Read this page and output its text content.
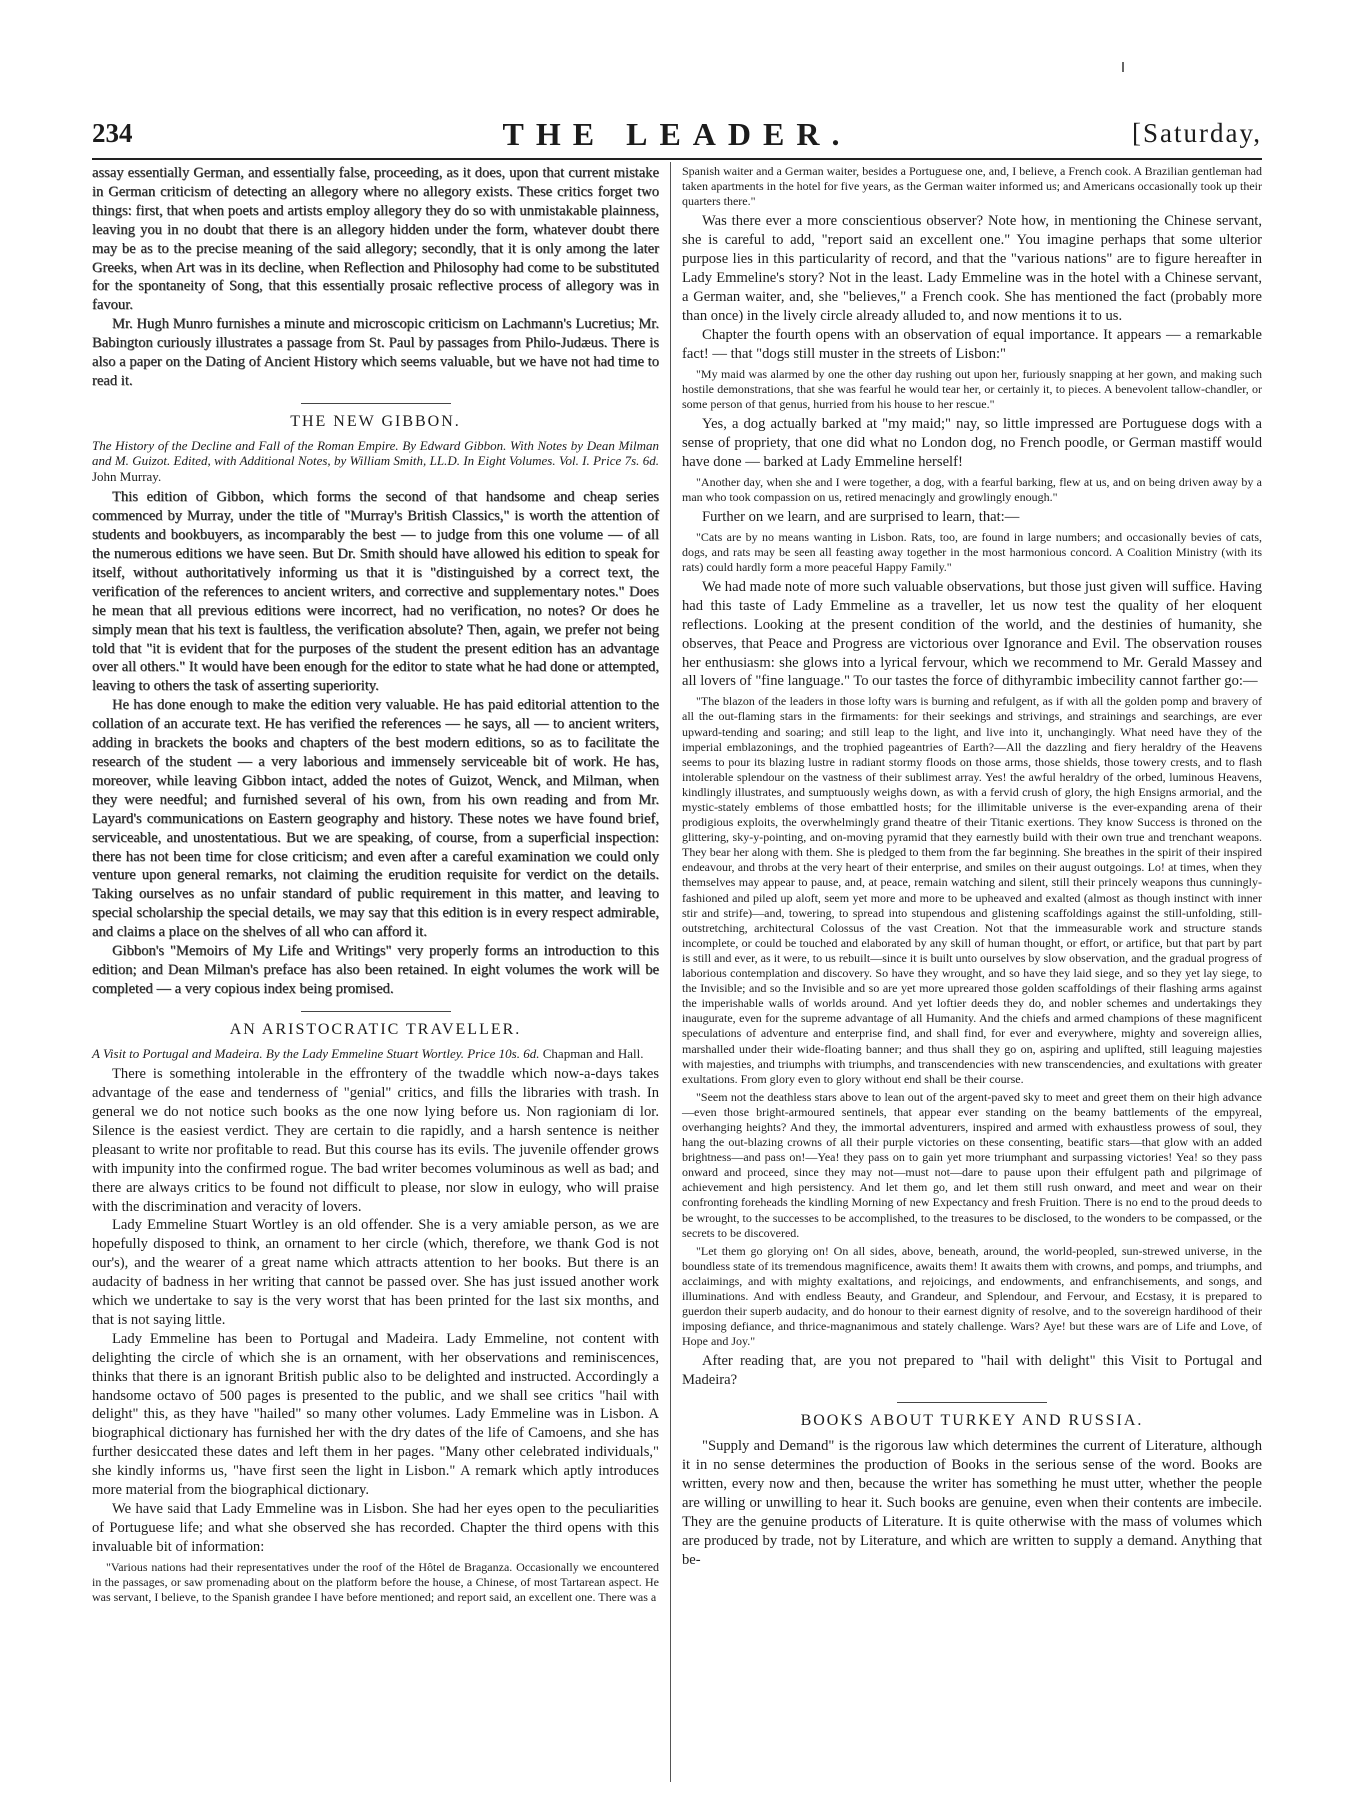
234	THE LEADER.	[Saturday,

assay essentially German, and essentially false, proceeding, as it does, upon that current mistake in German criticism of detecting an allegory where no allegory exists. These critics forget two things: first, that when poets and artists employ allegory they do so with unmistakable plainness, leaving you in no doubt that there is an allegory hidden under the form, whatever doubt there may be as to the precise meaning of the said allegory; secondly, that it is only among the later Greeks, when Art was in its decline, when Reflection and Philosophy had come to be substituted for the spontaneity of Song, that this essentially prosaic reflective process of allegory was in favour.

Mr. Hugh Munro furnishes a minute and microscopic criticism on Lachmann's Lucretius; Mr. Babington curiously illustrates a passage from St. Paul by passages from Philo-Judæus. There is also a paper on the Dating of Ancient History which seems valuable, but we have not had time to read it.

THE NEW GIBBON.

The History of the Decline and Fall of the Roman Empire. By Edward Gibbon. With Notes by Dean Milman and M. Guizot. Edited, with Additional Notes, by William Smith, LL.D. In Eight Volumes. Vol. I. Price 7s. 6d. John Murray.

This edition of Gibbon, which forms the second of that handsome and cheap series commenced by Murray, under the title of "Murray's British Classics," is worth the attention of students and bookbuyers, as incomparably the best — to judge from this one volume — of all the numerous editions we have seen. But Dr. Smith should have allowed his edition to speak for itself, without authoritatively informing us that it is "distinguished by a correct text, the verification of the references to ancient writers, and corrective and supplementary notes." Does he mean that all previous editions were incorrect, had no verification, no notes? Or does he simply mean that his text is faultless, the verification absolute? Then, again, we prefer not being told that "it is evident that for the purposes of the student the present edition has an advantage over all others." It would have been enough for the editor to state what he had done or attempted, leaving to others the task of asserting superiority.

He has done enough to make the edition very valuable. He has paid editorial attention to the collation of an accurate text. He has verified the references — he says, all — to ancient writers, adding in brackets the books and chapters of the best modern editions, so as to facilitate the research of the student — a very laborious and immensely serviceable bit of work. He has, moreover, while leaving Gibbon intact, added the notes of Guizot, Wenck, and Milman, when they were needful; and furnished several of his own, from his own reading and from Mr. Layard's communications on Eastern geography and history. These notes we have found brief, serviceable, and unostentatious. But we are speaking, of course, from a superficial inspection: there has not been time for close criticism; and even after a careful examination we could only venture upon general remarks, not claiming the erudition requisite for verdict on the details. Taking ourselves as no unfair standard of public requirement in this matter, and leaving to special scholarship the special details, we may say that this edition is in every respect admirable, and claims a place on the shelves of all who can afford it.

Gibbon's "Memoirs of My Life and Writings" very properly forms an introduction to this edition; and Dean Milman's preface has also been retained. In eight volumes the work will be completed — a very copious index being promised.

AN ARISTOCRATIC TRAVELLER.

A Visit to Portugal and Madeira. By the Lady Emmeline Stuart Wortley. Price 10s. 6d. Chapman and Hall.

There is something intolerable in the effrontery of the twaddle which now-a-days takes advantage of the ease and tenderness of "genial" critics, and fills the libraries with trash. In general we do not notice such books as the one now lying before us. Non ragioniam di lor. Silence is the easiest verdict. They are certain to die rapidly, and a harsh sentence is neither pleasant to write nor profitable to read. But this course has its evils. The juvenile offender grows with impunity into the confirmed rogue. The bad writer becomes voluminous as well as bad; and there are always critics to be found not difficult to please, nor slow in eulogy, who will praise with the discrimination and veracity of lovers.

Lady Emmeline Stuart Wortley is an old offender. She is a very amiable person, as we are hopefully disposed to think, an ornament to her circle (which, therefore, we thank God is not our's), and the wearer of a great name which attracts attention to her books. But there is an audacity of badness in her writing that cannot be passed over. She has just issued another work which we undertake to say is the very worst that has been printed for the last six months, and that is not saying little.

Lady Emmeline has been to Portugal and Madeira. Lady Emmeline, not content with delighting the circle of which she is an ornament, with her observations and reminiscences, thinks that there is an ignorant British public also to be delighted and instructed. Accordingly a handsome octavo of 500 pages is presented to the public, and we shall see critics "hail with delight" this, as they have "hailed" so many other volumes. Lady Emmeline was in Lisbon. A biographical dictionary has furnished her with the dry dates of the life of Camoens, and she has further desiccated these dates and left them in her pages. "Many other celebrated individuals," she kindly informs us, "have first seen the light in Lisbon." A remark which aptly introduces more material from the biographical dictionary.

We have said that Lady Emmeline was in Lisbon. She had her eyes open to the peculiarities of Portuguese life; and what she observed she has recorded. Chapter the third opens with this invaluable bit of information:

"Various nations had their representatives under the roof of the Hôtel de Braganza. Occasionally we encountered in the passages, or saw promenading about on the platform before the house, a Chinese, of most Tartarean aspect. He was servant, I believe, to the Spanish grandee I have before mentioned; and report said, an excellent one. There was a

Spanish waiter and a German waiter, besides a Portuguese one, and, I believe, a French cook. A Brazilian gentleman had taken apartments in the hotel for five years, as the German waiter informed us; and Americans occasionally took up their quarters there."

Was there ever a more conscientious observer? Note how, in mentioning the Chinese servant, she is careful to add, "report said an excellent one." You imagine perhaps that some ulterior purpose lies in this particularity of record, and that the "various nations" are to figure hereafter in Lady Emmeline's story? Not in the least. Lady Emmeline was in the hotel with a Chinese servant, a German waiter, and, she "believes," a French cook. She has mentioned the fact (probably more than once) in the lively circle already alluded to, and now mentions it to us.

Chapter the fourth opens with an observation of equal importance. It appears — a remarkable fact! — that "dogs still muster in the streets of Lisbon:"

"My maid was alarmed by one the other day rushing out upon her, furiously snapping at her gown, and making such hostile demonstrations, that she was fearful he would tear her, or certainly it, to pieces. A benevolent tallow-chandler, or some person of that genus, hurried from his house to her rescue."

Yes, a dog actually barked at "my maid;" nay, so little impressed are Portuguese dogs with a sense of propriety, that one did what no London dog, no French poodle, or German mastiff would have done — barked at Lady Emmeline herself!

"Another day, when she and I were together, a dog, with a fearful barking, flew at us, and on being driven away by a man who took compassion on us, retired menacingly and growlingly enough."

Further on we learn, and are surprised to learn, that:—

"Cats are by no means wanting in Lisbon. Rats, too, are found in large numbers; and occasionally bevies of cats, dogs, and rats may be seen all feasting away together in the most harmonious concord. A Coalition Ministry (with its rats) could hardly form a more peaceful Happy Family."

We had made note of more such valuable observations, but those just given will suffice. Having had this taste of Lady Emmeline as a traveller, let us now test the quality of her eloquent reflections. Looking at the present condition of the world, and the destinies of humanity, she observes, that Peace and Progress are victorious over Ignorance and Evil. The observation rouses her enthusiasm: she glows into a lyrical fervour, which we recommend to Mr. Gerald Massey and all lovers of "fine language." To our tastes the force of dithyrambic imbecility cannot farther go:—

"The blazon of the leaders in those lofty wars is burning and refulgent, as if with all the golden pomp and bravery of all the out-flaming stars in the firmaments: for their seekings and strivings, and strainings and searchings, are ever upward-tending and soaring; and still leap to the light, and live into it, unchangingly. What need have they of the imperial emblazonings, and the trophied pageantries of Earth?—All the dazzling and fiery heraldry of the Heavens seems to pour its blazing lustre in radiant stormy floods on those arms, those shields, those towery crests, and to flash intolerable splendour on the vastness of their sublimest array. Yes! the awful heraldry of the orbed, luminous Heavens, kindlingly illustrates, and sumptuously weighs down, as with a fervid crush of glory, the high Ensigns armorial, and the mystic-stately emblems of those embattled hosts; for the illimitable universe is the ever-expanding arena of their prodigious exploits, the overwhelmingly grand theatre of their Titanic exertions. They know Success is throned on the glittering, sky-y-pointing, and on-moving pyramid that they earnestly build with their own true and trenchant weapons. They bear her along with them. She is pledged to them from the far beginning. She breathes in the spirit of their inspired endeavour, and throbs at the very heart of their enterprise, and smiles on their august outgoings. Lo! at times, when they themselves may appear to pause, and, at peace, remain watching and silent, still their princely weapons thus cunningly-fashioned and piled up aloft, seem yet more and more to be upheaved and exalted (almost as though instinct with inner stir and strife)—and, towering, to spread into stupendous and glistening scaffoldings against the still-unfolding, still-outstretching, architectural Colossus of the vast Creation. Not that the immeasurable work and structure stands incomplete, or could be touched and elaborated by any skill of human thought, or effort, or artifice, but that part by part is still and ever, as it were, to us rebuilt—since it is built unto ourselves by slow observation, and the gradual progress of laborious contemplation and discovery. So have they wrought, and so have they laid siege, and so they yet lay siege, to the Invisible; and so the Invisible and so are yet more upreared those golden scaffoldings of their flashing arms against the imperishable walls of worlds around. And yet loftier deeds they do, and nobler schemes and undertakings they inaugurate, even for the supreme advantage of all Humanity. And the chiefs and armed champions of these magnificent speculations of adventure and enterprise find, and shall find, for ever and everywhere, mighty and sovereign allies, marshalled under their wide-floating banner; and thus shall they go on, aspiring and uplifted, still leaguing majesties with majesties, and triumphs with triumphs, and transcendencies with new transcendencies, and exultations with greater exultations. From glory even to glory without end shall be their course.

"Seem not the deathless stars above to lean out of the argent-paved sky to meet and greet them on their high advance—even those bright-armoured sentinels, that appear ever standing on the beamy battlements of the empyreal, overhanging heights? And they, the immortal adventurers, inspired and armed with exhaustless prowess of soul, they hang the out-blazing crowns of all their purple victories on these consenting, beatific stars—that glow with an added brightness—and pass on!—Yea! they pass on to gain yet more triumphant and surpassing victories! Yea! so they pass onward and proceed, since they may not—must not—dare to pause upon their effulgent path and pilgrimage of achievement and high persistency. And let them go, and let them still rush onward, and meet and wear on their confronting foreheads the kindling Morning of new Expectancy and fresh Fruition. There is no end to the proud deeds to be wrought, to the successes to be accomplished, to the treasures to be disclosed, to the wonders to be compassed, or the secrets to be discovered.

"Let them go glorying on! On all sides, above, beneath, around, the world-peopled, sun-strewed universe, in the boundless state of its tremendous magnificence, awaits them! It awaits them with crowns, and pomps, and triumphs, and acclaimings, and with mighty exaltations, and rejoicings, and endowments, and enfranchisements, and songs, and illuminations. And with endless Beauty, and Grandeur, and Splendour, and Fervour, and Ecstasy, it is prepared to guerdon their superb audacity, and do honour to their earnest dignity of resolve, and to the sovereign hardihood of their imposing defiance, and thrice-magnanimous and stately challenge. Wars? Aye! but these wars are of Life and Love, of Hope and Joy."

After reading that, are you not prepared to "hail with delight" this Visit to Portugal and Madeira?

BOOKS ABOUT TURKEY AND RUSSIA.

"Supply and Demand" is the rigorous law which determines the current of Literature, although it in no sense determines the production of Books in the serious sense of the word. Books are written, every now and then, because the writer has something he must utter, whether the people are willing or unwilling to hear it. Such books are genuine, even when their contents are imbecile. They are the genuine products of Literature. It is quite otherwise with the mass of volumes which are produced by trade, not by Literature, and which are written to supply a demand. Anything that be-
